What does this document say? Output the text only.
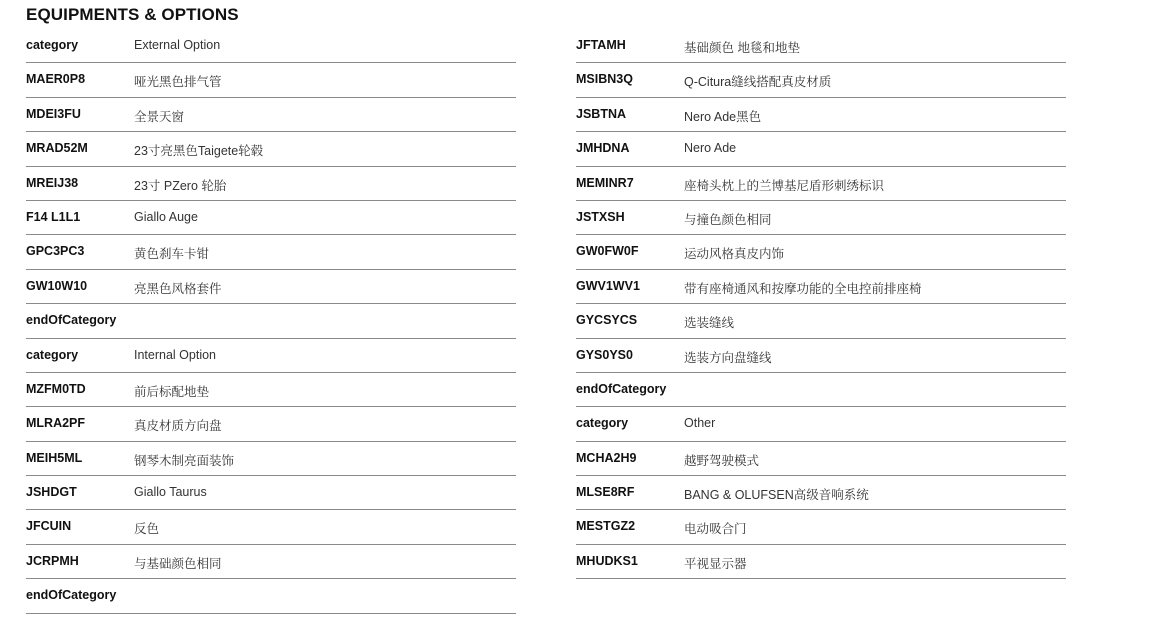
EQUIPMENTS & OPTIONS
category	External Option
MAER0P8	哑光黑色排气管
MDEI3FU	全景天窗
MRAD52M	23寸亮黑色Taigete轮毂
MREIJ38	23寸 PZero 轮胎
F14 L1L1	Giallo Auge
GPC3PC3	黄色刹车卡钳
GW10W10	亮黑色风格套件
endOfCategory
category	Internal Option
MZFM0TD	前后标配地垫
MLRA2PF	真皮材质方向盘
MEIH5ML	钢琴木制亮面装饰
JSHDGT	Giallo Taurus
JFCUIN	反色
JCRPMH	与基础颜色相同
endOfCategory
JFTAMH	基础颜色 地毯和地垫
MSIBN3Q	Q-Citura缝线搭配真皮材质
JSBTNA	Nero Ade黑色
JMHDNA	Nero Ade
MEMINR7	座椅头枕上的兰博基尼盾形刺绣标识
JSTXSH	与撞色颜色相同
GW0FW0F	运动风格真皮内饰
GWV1WV1	带有座椅通风和按摩功能的全电控前排座椅
GYCSYCS	选装缝线
GYS0YS0	选装方向盘缝线
endOfCategory
category	Other
MCHA2H9	越野驾驶模式
MLSE8RF	BANG & OLUFSEN高级音响系统
MESTGZ2	电动吸合门
MHUDKS1	平视显示器
